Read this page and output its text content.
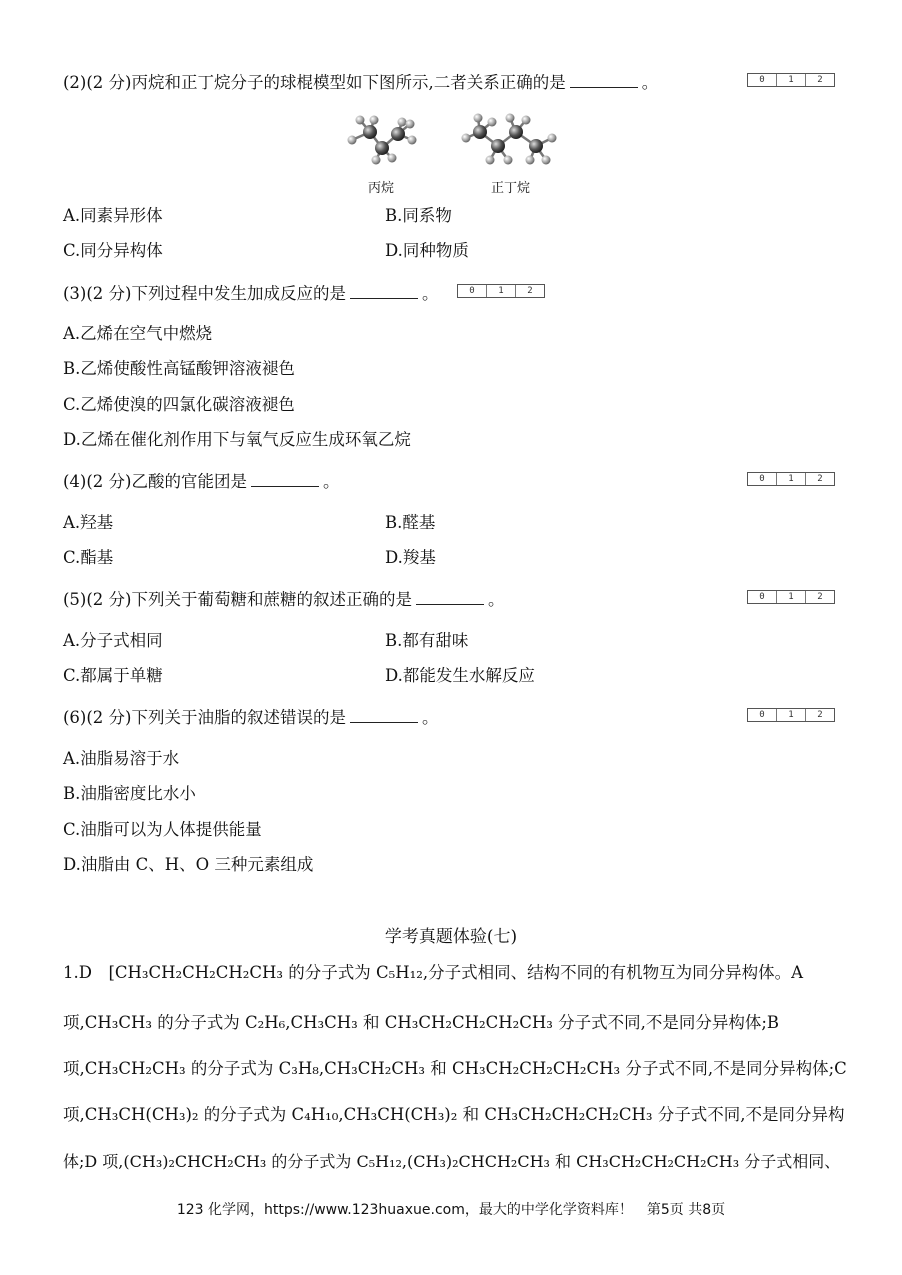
(2)(2 分)丙烷和正丁烷分子的球棍模型如下图所示,二者关系正确的是	。	0	1	2
丙烷	正丁烷
A.同素异形体	B.同系物
C.同分异构体	D.同种物质
(3)(2 分)下列过程中发生加成反应的是	。	0	1	2
A.乙烯在空气中燃烧
B.乙烯使酸性高锰酸钾溶液褪色
C.乙烯使溴的四氯化碳溶液褪色
D.乙烯在催化剂作用下与氧气反应生成环氧乙烷
(4)(2 分)乙酸的官能团是	。	0	1	2
A.羟基	B.醛基
C.酯基	D.羧基
(5)(2 分)下列关于葡萄糖和蔗糖的叙述正确的是	。	0	1	2
A.分子式相同	B.都有甜味
C.都属于单糖	D.都能发生水解反应
(6)(2 分)下列关于油脂的叙述错误的是	。	0	1	2
A.油脂易溶于水
B.油脂密度比水小
C.油脂可以为人体提供能量
D.油脂由 C、H、O 三种元素组成
学考真题体验(七)
1.D　[CH₃CH₂CH₂CH₂CH₃ 的分子式为 C₅H₁₂,分子式相同、结构不同的有机物互为同分异构体。A
项,CH₃CH₃ 的分子式为 C₂H₆,CH₃CH₃ 和 CH₃CH₂CH₂CH₂CH₃ 分子式不同,不是同分异构体;B
项,CH₃CH₂CH₃ 的分子式为 C₃H₈,CH₃CH₂CH₃ 和 CH₃CH₂CH₂CH₂CH₃ 分子式不同,不是同分异构体;C
项,CH₃CH(CH₃)₂ 的分子式为 C₄H₁₀,CH₃CH(CH₃)₂ 和 CH₃CH₂CH₂CH₂CH₃ 分子式不同,不是同分异构
体;D 项,(CH₃)₂CHCH₂CH₃ 的分子式为 C₅H₁₂,(CH₃)₂CHCH₂CH₃ 和 CH₃CH₂CH₂CH₂CH₃ 分子式相同、
123 化学网，https://www.123huaxue.com，最大的中学化学资料库！　第5页 共8页
